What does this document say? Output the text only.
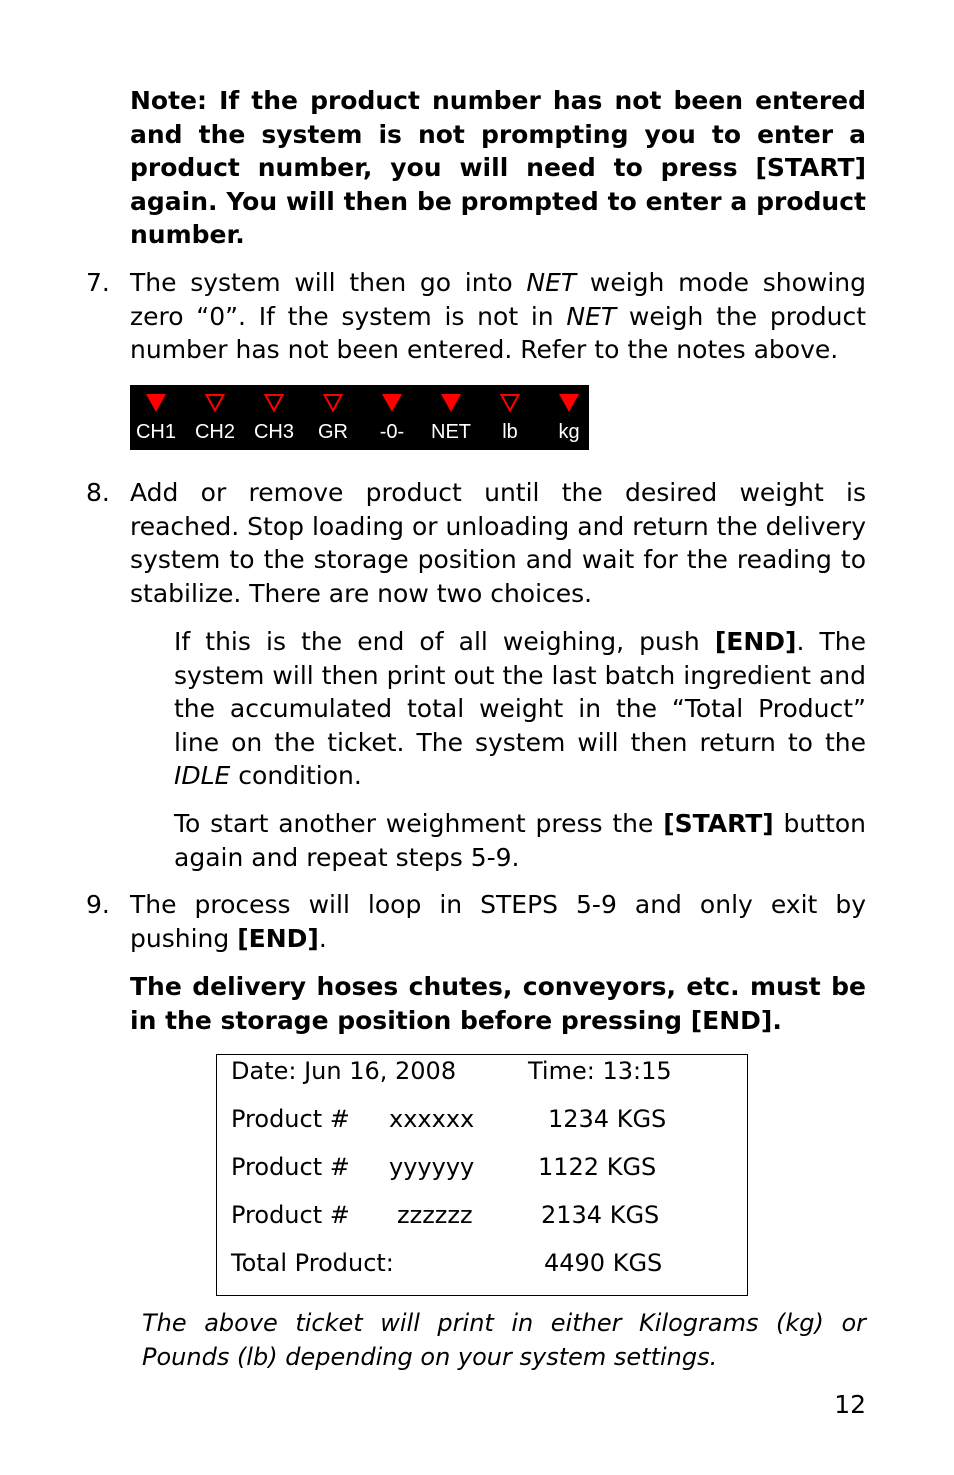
Note: If the product number has not been entered and the system is not prompting you to enter a product number, you will need to press [START] again. You will then be prompted to enter a product number.
7. The system will then go into NET weigh mode showing zero “0”. If the system is not in NET weigh the product number has not been entered. Refer to the notes above.
CH1 CH2 CH3	GR	-0-	NET	lb	kg
8. Add or remove product until the desired weight is reached. Stop loading or unloading and return the delivery system to the storage position and wait for the reading to stabilize. There are now two choices.
If this is the end of all weighing, push [END]. The system will then print out the last batch ingredient and the accumulated total weight in the “Total Product” line on the ticket. The system will then return to the IDLE condition.
To start another weighment press the [START] button again and repeat steps 5-9.
9. The process will loop in STEPS 5-9 and only exit by pushing [END].
The delivery hoses chutes, conveyors, etc. must be in the storage position before pressing [END].
Date: Jun 16, 2008	Time: 13:15
Product # xxxxxx	1234 KGS
Product # yyyyyy	1122 KGS
Product # zzzzzz	2134 KGS
Total Product:	4490 KGS
The above ticket will print in either Kilograms (kg) or Pounds (lb) depending on your system settings.
12
